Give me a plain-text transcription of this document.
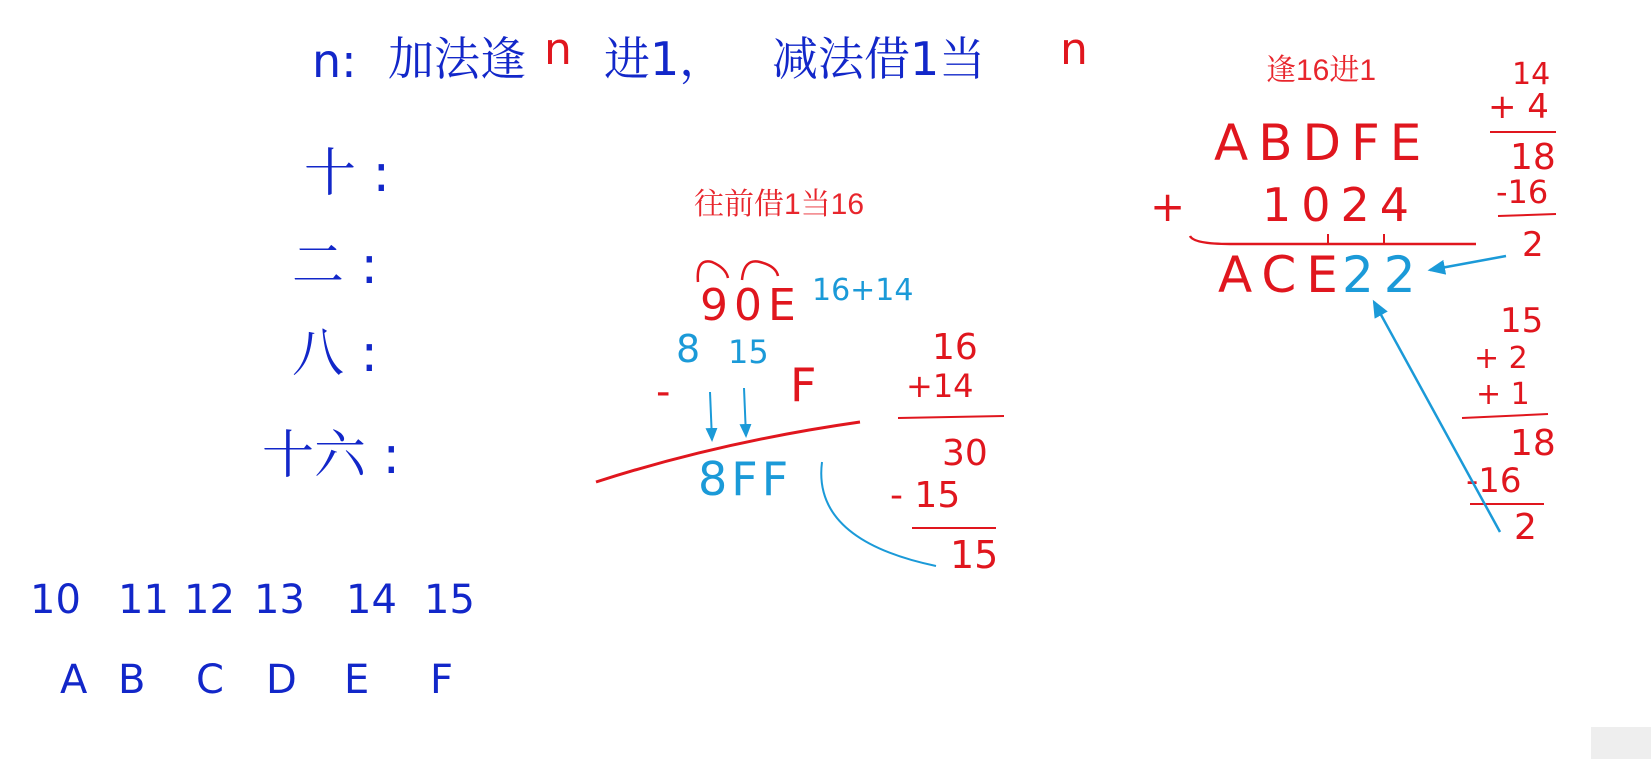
n: 加法逢 n 进1， 减法借1当 n
十 :
二 :
八 :
十六 :
10 11 12 13 14 15
A B C D E F
往前借1当16
90E 16+14
8 15
-	F
8FF
16
+14
30
- 15
15
逢16进1
ABDFE
+ 1024
ACE
22
14
+ 4
18
-16
2
15
+ 2
+ 1
18
-16
2
